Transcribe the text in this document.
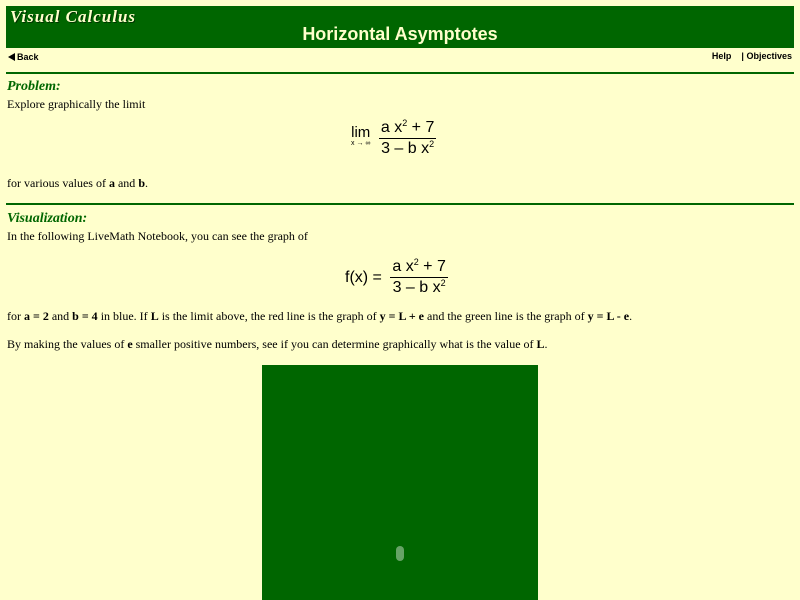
Visual Calculus
Horizontal Asymptotes
Back	Help | Objectives
Problem:
Explore graphically the limit
lim
x → ∞
$\frac{a x^2 + 7}{3 - b x^2}$
for various values of a and b.
Visualization:
In the following LiveMath Notebook, you can see the graph of
$f(x) = \frac{a x^2 + 7}{3 - b x^2}$
for a = 2 and b = 4 in blue. If L is the limit above, the red line is the graph of y = L + e and the green line is the graph of y = L - e.
By making the values of e smaller positive numbers, see if you can determine graphically what is the value of L.
